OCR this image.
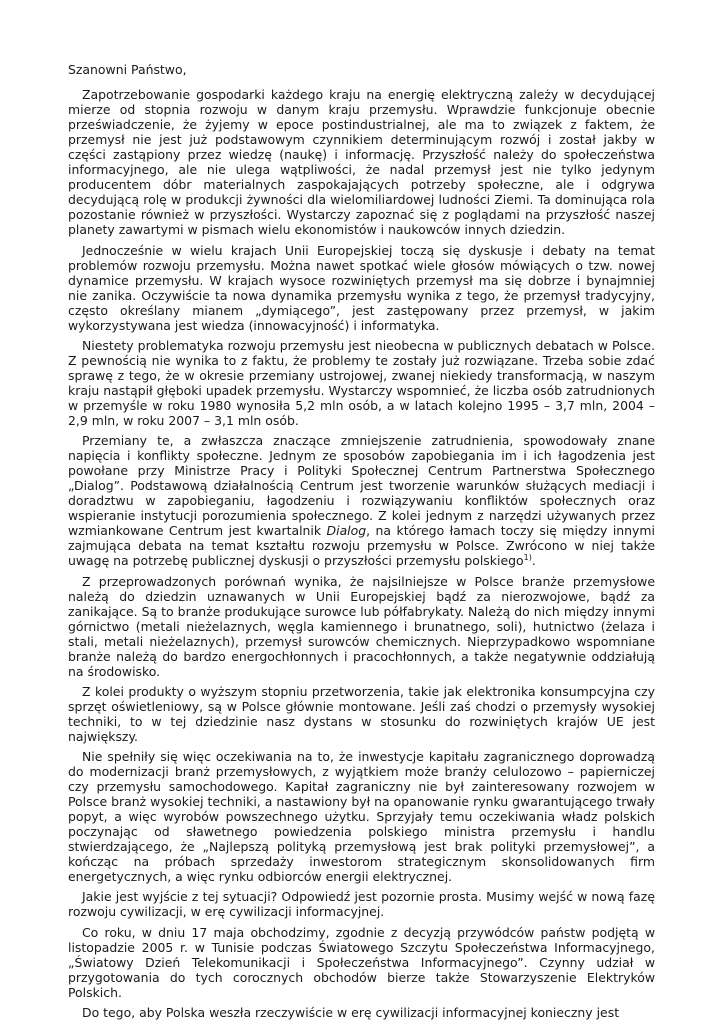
Szanowni Państwo,

Zapotrzebowanie gospodarki każdego kraju na energię elektryczną zależy w decydującej mierze od stopnia rozwoju w danym kraju przemysłu. Wprawdzie funkcjonuje obecnie przeświadczenie, że żyjemy w epoce postindustrialnej, ale ma to związek z faktem, że przemysł nie jest już podstawowym czynnikiem determinującym rozwój i został jakby w części zastąpiony przez wiedzę (naukę) i informację. Przyszłość należy do społeczeństwa informacyjnego, ale nie ulega wątpliwości, że nadal przemysł jest nie tylko jedynym producentem dóbr materialnych zaspokajających potrzeby społeczne, ale i odgrywa decydującą rolę w produkcji żywności dla wielomiliardowej ludności Ziemi. Ta dominująca rola pozostanie również w przyszłości. Wystarczy zapoznać się z poglądami na przyszłość naszej planety zawartymi w pismach wielu ekonomistów i naukowców innych dziedzin.

Jednocześnie w wielu krajach Unii Europejskiej toczą się dyskusje i debaty na temat problemów rozwoju przemysłu. Można nawet spotkać wiele głosów mówiących o tzw. nowej dynamice przemysłu. W krajach wysoce rozwiniętych przemysł ma się dobrze i bynajmniej nie zanika. Oczywiście ta nowa dynamika przemysłu wynika z tego, że przemysł tradycyjny, często określany mianem „dymiącego”, jest zastępowany przez przemysł, w jakim wykorzystywana jest wiedza (innowacyjność) i informatyka.

Niestety problematyka rozwoju przemysłu jest nieobecna w publicznych debatach w Polsce. Z pewnością nie wynika to z faktu, że problemy te zostały już rozwiązane. Trzeba sobie zdać sprawę z tego, że w okresie przemiany ustrojowej, zwanej niekiedy transformacją, w naszym kraju nastąpił głęboki upadek przemysłu. Wystarczy wspomnieć, że liczba osób zatrudnionych w przemyśle w roku 1980 wynosiła 5,2 mln osób, a w latach kolejno 1995 – 3,7 mln, 2004 – 2,9 mln, w roku 2007 – 3,1 mln osób.

Przemiany te, a zwłaszcza znaczące zmniejszenie zatrudnienia, spowodowały znane napięcia i konflikty społeczne. Jednym ze sposobów zapobiegania im i ich łagodzenia jest powołane przy Ministrze Pracy i Polityki Społecznej Centrum Partnerstwa Społecznego „Dialog”. Podstawową działalnością Centrum jest tworzenie warunków służących mediacji i doradztwu w zapobieganiu, łagodzeniu i rozwiązywaniu konfliktów społecznych oraz wspieranie instytucji porozumienia społecznego. Z kolei jednym z narzędzi używanych przez wzmiankowane Centrum jest kwartalnik Dialog, na którego łamach toczy się między innymi zajmująca debata na temat kształtu rozwoju przemysłu w Polsce. Zwrócono w niej także uwagę na potrzebę publicznej dyskusji o przyszłości przemysłu polskiego$^{1)}$.

Z przeprowadzonych porównań wynika, że najsilniejsze w Polsce branże przemysłowe należą do dziedzin uznawanych w Unii Europejskiej bądź za nierozwojowe, bądź za zanikające. Są to branże produkujące surowce lub półfabrykaty. Należą do nich między innymi górnictwo (metali nieżelaznych, węgla kamiennego i brunatnego, soli), hutnictwo (żelaza i stali, metali nieżelaznych), przemysł surowców chemicznych. Nieprzypadkowo wspomniane branże należą do bardzo energochłonnych i pracochłonnych, a także negatywnie oddziałują na środowisko.

Z kolei produkty o wyższym stopniu przetworzenia, takie jak elektronika konsumpcyjna czy sprzęt oświetleniowy, są w Polsce głównie montowane. Jeśli zaś chodzi o przemysły wysokiej techniki, to w tej dziedzinie nasz dystans w stosunku do rozwiniętych krajów UE jest największy.

Nie spełniły się więc oczekiwania na to, że inwestycje kapitału zagranicznego doprowadzą do modernizacji branż przemysłowych, z wyjątkiem może branży celulozowo – papierniczej czy przemysłu samochodowego. Kapitał zagraniczny nie był zainteresowany rozwojem w Polsce branż wysokiej techniki, a nastawiony był na opanowanie rynku gwarantującego trwały popyt, a więc wyrobów powszechnego użytku. Sprzyjały temu oczekiwania władz polskich poczynając od sławetnego powiedzenia polskiego ministra przemysłu i handlu stwierdzającego, że „Najlepszą polityką przemysłową jest brak polityki przemysłowej”, a kończąc na próbach sprzedaży inwestorom strategicznym skonsolidowanych firm energetycznych, a więc rynku odbiorców energii elektrycznej.

Jakie jest wyjście z tej sytuacji? Odpowiedź jest pozornie prosta. Musimy wejść w nową fazę rozwoju cywilizacji, w erę cywilizacji informacyjnej.

Co roku, w dniu 17 maja obchodzimy, zgodnie z decyzją przywódców państw podjętą w listopadzie 2005 r. w Tunisie podczas Światowego Szczytu Społeczeństwa Informacyjnego, „Światowy Dzień Telekomunikacji i Społeczeństwa Informacyjnego”. Czynny udział w przygotowania do tych corocznych obchodów bierze także Stowarzyszenie Elektryków Polskich.

Do tego, aby Polska weszła rzeczywiście w erę cywilizacji informacyjnej konieczny jest
